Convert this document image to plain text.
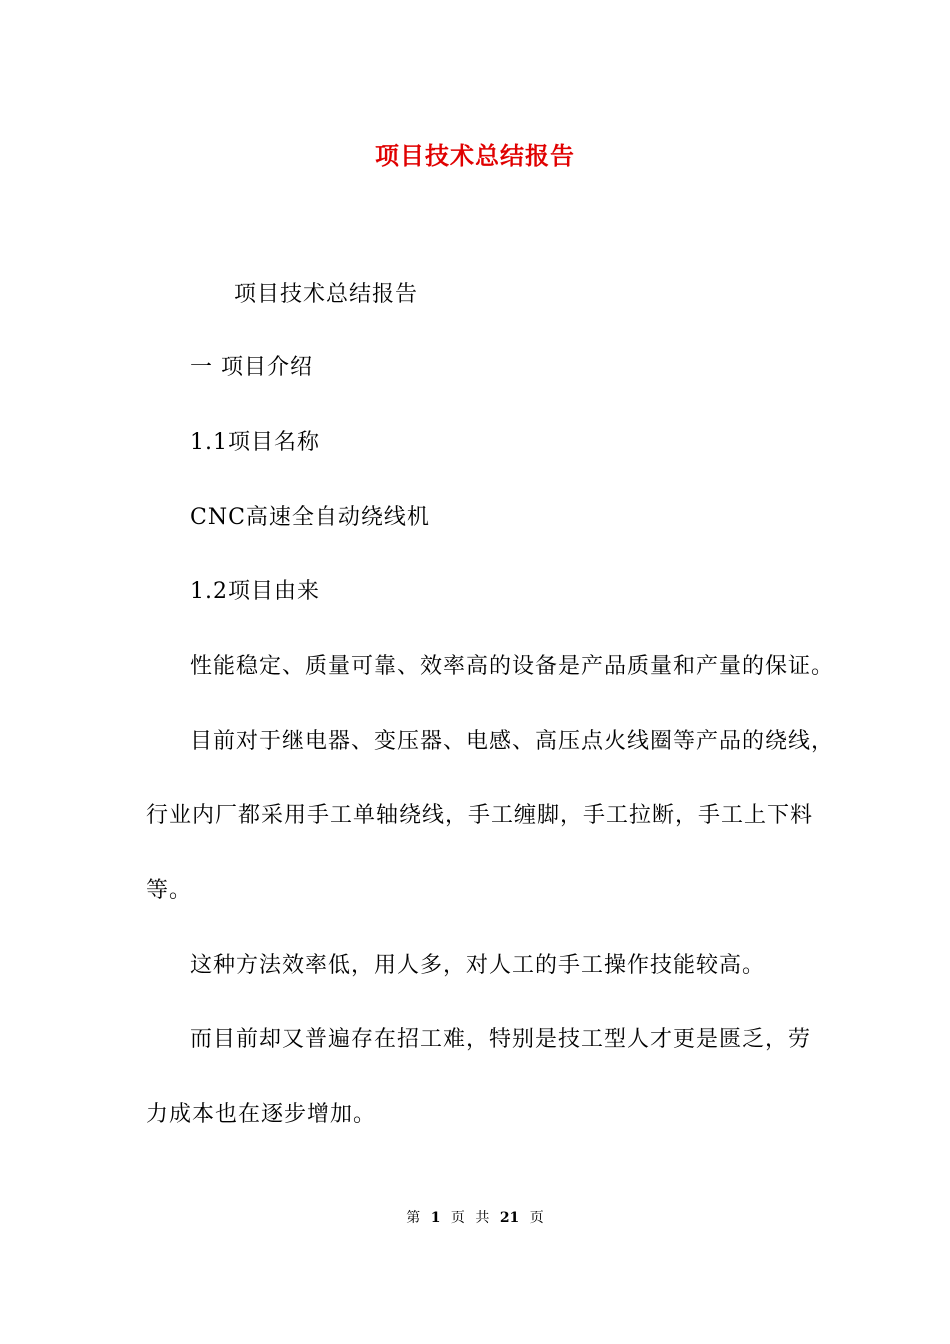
项目技术总结报告
项目技术总结报告
一 项目介绍
1.1项目名称
CNC高速全自动绕线机
1.2项目由来
性能稳定、质量可靠、效率高的设备是产品质量和产量的保证。
目前对于继电器、变压器、电感、高压点火线圈等产品的绕线，
行业内厂都采用手工单轴绕线，手工缠脚，手工拉断，手工上下料
等。
这种方法效率低，用人多，对人工的手工操作技能较高。
而目前却又普遍存在招工难，特别是技工型人才更是匮乏，劳
力成本也在逐步增加。
第 1 页 共 21 页
